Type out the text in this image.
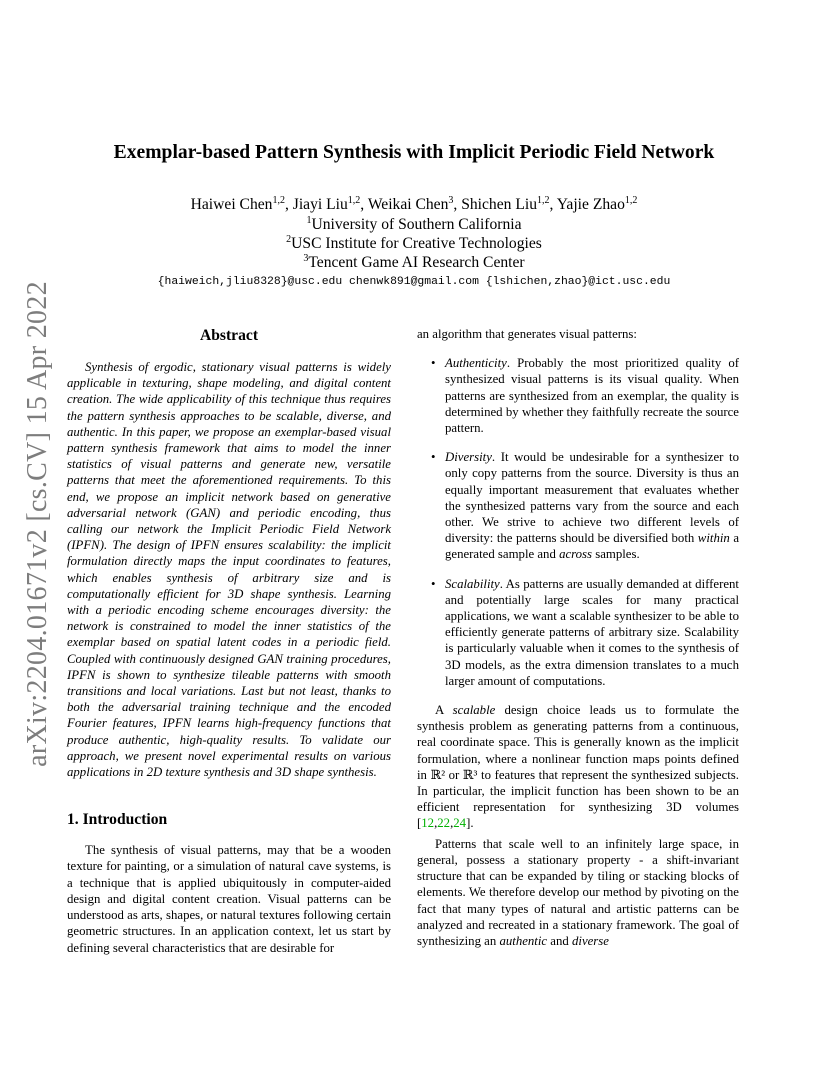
arXiv:2204.01671v2 [cs.CV] 15 Apr 2022
Exemplar-based Pattern Synthesis with Implicit Periodic Field Network
Haiwei Chen$^{1,2}$, Jiayi Liu$^{1,2}$, Weikai Chen$^3$, Shichen Liu$^{1,2}$, Yajie Zhao$^{1,2}$
$^1$University of Southern California
$^2$USC Institute for Creative Technologies
$^3$Tencent Game AI Research Center
{haiweich,jliu8328}@usc.edu chenwk891@gmail.com {lshichen,zhao}@ict.usc.edu
Abstract

Synthesis of ergodic, stationary visual patterns is widely applicable in texturing, shape modeling, and digital content creation. The wide applicability of this technique thus requires the pattern synthesis approaches to be scalable, diverse, and authentic. In this paper, we propose an exemplar-based visual pattern synthesis framework that aims to model the inner statistics of visual patterns and generate new, versatile patterns that meet the aforementioned requirements. To this end, we propose an implicit network based on generative adversarial network (GAN) and periodic encoding, thus calling our network the Implicit Periodic Field Network (IPFN). The design of IPFN ensures scalability: the implicit formulation directly maps the input coordinates to features, which enables synthesis of arbitrary size and is computationally efficient for 3D shape synthesis. Learning with a periodic encoding scheme encourages diversity: the network is constrained to model the inner statistics of the exemplar based on spatial latent codes in a periodic field. Coupled with continuously designed GAN training procedures, IPFN is shown to synthesize tileable patterns with smooth transitions and local variations. Last but not least, thanks to both the adversarial training technique and the encoded Fourier features, IPFN learns high-frequency functions that produce authentic, high-quality results. To validate our approach, we present novel experimental results on various applications in 2D texture synthesis and 3D shape synthesis.

1. Introduction

The synthesis of visual patterns, may that be a wooden texture for painting, or a simulation of natural cave systems, is a technique that is applied ubiquitously in computer-aided design and digital content creation. Visual patterns can be understood as arts, shapes, or natural textures following certain geometric structures. In an application context, let us start by defining several characteristics that are desirable for

an algorithm that generates visual patterns:

• Authenticity. Probably the most prioritized quality of synthesized visual patterns is its visual quality. When patterns are synthesized from an exemplar, the quality is determined by whether they faithfully recreate the source pattern.
• Diversity. It would be undesirable for a synthesizer to only copy patterns from the source. Diversity is thus an equally important measurement that evaluates whether the synthesized patterns vary from the source and each other. We strive to achieve two different levels of diversity: the patterns should be diversified both within a generated sample and across samples.
• Scalability. As patterns are usually demanded at different and potentially large scales for many practical applications, we want a scalable synthesizer to be able to efficiently generate patterns of arbitrary size. Scalability is particularly valuable when it comes to the synthesis of 3D models, as the extra dimension translates to a much larger amount of computations.

A scalable design choice leads us to formulate the synthesis problem as generating patterns from a continuous, real coordinate space. This is generally known as the implicit formulation, where a nonlinear function maps points defined in ℝ² or ℝ³ to features that represent the synthesized subjects. In particular, the implicit function has been shown to be an efficient representation for synthesizing 3D volumes [12,22,24].

Patterns that scale well to an infinitely large space, in general, possess a stationary property - a shift-invariant structure that can be expanded by tiling or stacking blocks of elements. We therefore develop our method by pivoting on the fact that many types of natural and artistic patterns can be analyzed and recreated in a stationary framework. The goal of synthesizing an authentic and diverse
